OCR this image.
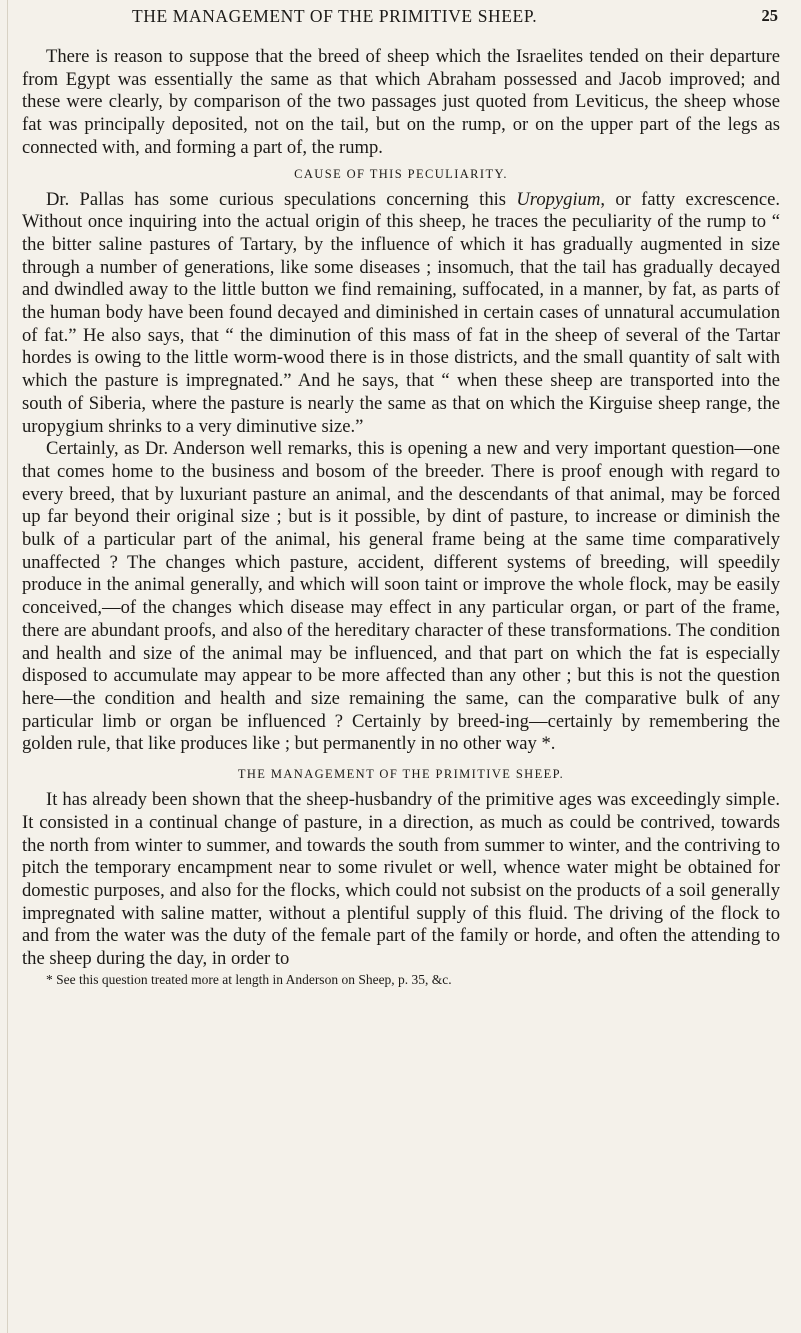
THE MANAGEMENT OF THE PRIMITIVE SHEEP.	25

There is reason to suppose that the breed of sheep which the Israelites tended on their departure from Egypt was essentially the same as that which Abraham possessed and Jacob improved; and these were clearly, by comparison of the two passages just quoted from Leviticus, the sheep whose fat was principally deposited, not on the tail, but on the rump, or on the upper part of the legs as connected with, and forming a part of, the rump.

CAUSE OF THIS PECULIARITY.

Dr. Pallas has some curious speculations concerning this Uropygium, or fatty excrescence. Without once inquiring into the actual origin of this sheep, he traces the peculiarity of the rump to “ the bitter saline pastures of Tartary, by the influence of which it has gradually augmented in size through a number of generations, like some diseases ; insomuch, that the tail has gradually decayed and dwindled away to the little button we find remaining, suffocated, in a manner, by fat, as parts of the human body have been found decayed and diminished in certain cases of unnatural accumulation of fat.” He also says, that “ the diminution of this mass of fat in the sheep of several of the Tartar hordes is owing to the little worm-wood there is in those districts, and the small quantity of salt with which the pasture is impregnated.” And he says, that “ when these sheep are transported into the south of Siberia, where the pasture is nearly the same as that on which the Kirguise sheep range, the uropygium shrinks to a very diminutive size.”

Certainly, as Dr. Anderson well remarks, this is opening a new and very important question—one that comes home to the business and bosom of the breeder. There is proof enough with regard to every breed, that by luxuriant pasture an animal, and the descendants of that animal, may be forced up far beyond their original size ; but is it possible, by dint of pasture, to increase or diminish the bulk of a particular part of the animal, his general frame being at the same time comparatively unaffected ? The changes which pasture, accident, different systems of breeding, will speedily produce in the animal generally, and which will soon taint or improve the whole flock, may be easily conceived,—of the changes which disease may effect in any particular organ, or part of the frame, there are abundant proofs, and also of the hereditary character of these transformations. The condition and health and size of the animal may be influenced, and that part on which the fat is especially disposed to accumulate may appear to be more affected than any other ; but this is not the question here—the condition and health and size remaining the same, can the comparative bulk of any particular limb or organ be influenced ? Certainly by breed-ing—certainly by remembering the golden rule, that like produces like ; but permanently in no other way *.

THE MANAGEMENT OF THE PRIMITIVE SHEEP.

It has already been shown that the sheep-husbandry of the primitive ages was exceedingly simple. It consisted in a continual change of pasture, in a direction, as much as could be contrived, towards the north from winter to summer, and towards the south from summer to winter, and the contriving to pitch the temporary encampment near to some rivulet or well, whence water might be obtained for domestic purposes, and also for the flocks, which could not subsist on the products of a soil generally impregnated with saline matter, without a plentiful supply of this fluid. The driving of the flock to and from the water was the duty of the female part of the family or horde, and often the attending to the sheep during the day, in order to

* See this question treated more at length in Anderson on Sheep, p. 35, &c.
